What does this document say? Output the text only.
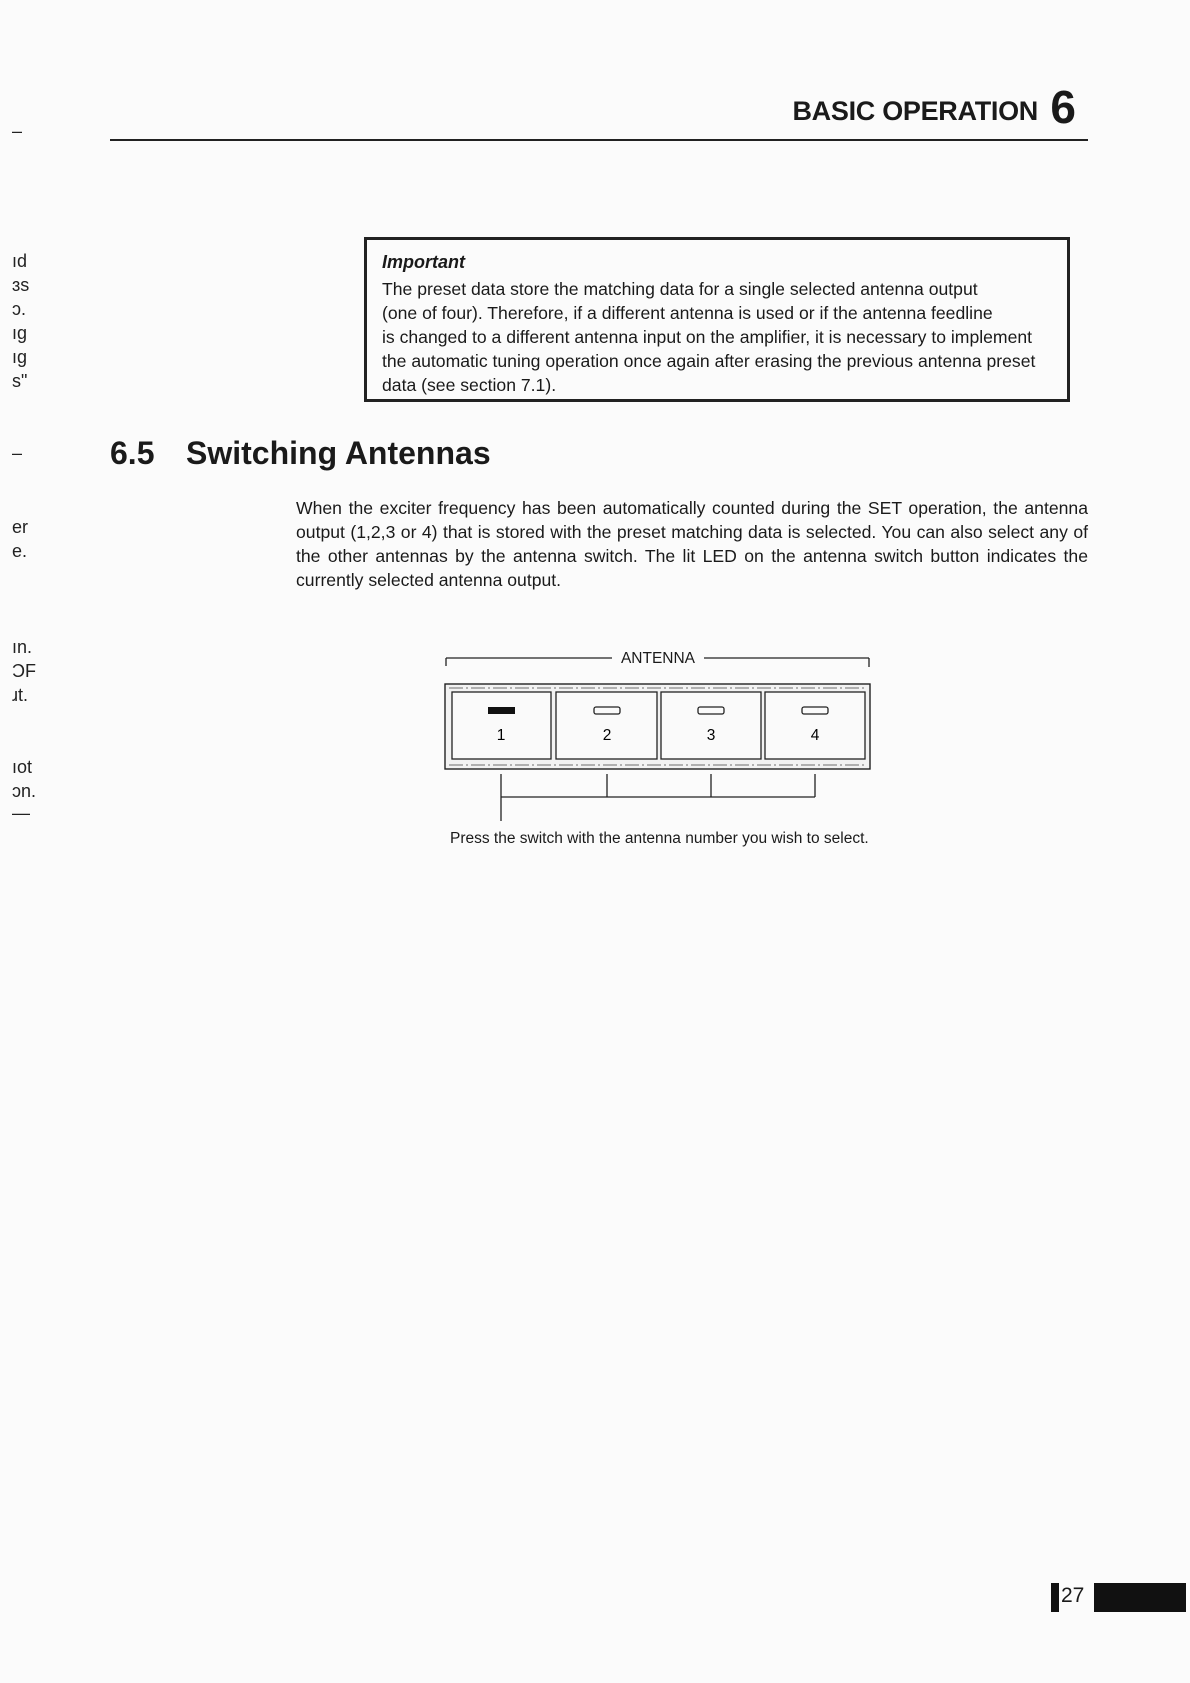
BASIC OPERATION 6
–
ıd
ɜs
ɔ.
ıg
ıg
s"
–
er
e.
ın.
ƆF
ɹt.
ıot
ɔn.
—
Important
The preset data store the matching data for a single selected antenna output
(one of four). Therefore, if a different antenna is used or if the antenna feedline
is changed to a different antenna input on the amplifier, it is necessary to implement
the automatic tuning operation once again after erasing the previous antenna preset
data (see section 7.1).
6.5 Switching Antennas
When the exciter frequency has been automatically counted during the SET operation, the antenna output (1,2,3 or 4) that is stored with the preset matching data is selected. You can also select any of the other antennas by the antenna switch. The lit LED on the antenna switch button indicates the currently selected antenna output.
ANTENNA
1	2	3	4
Press the switch with the antenna number you wish to select.
27
